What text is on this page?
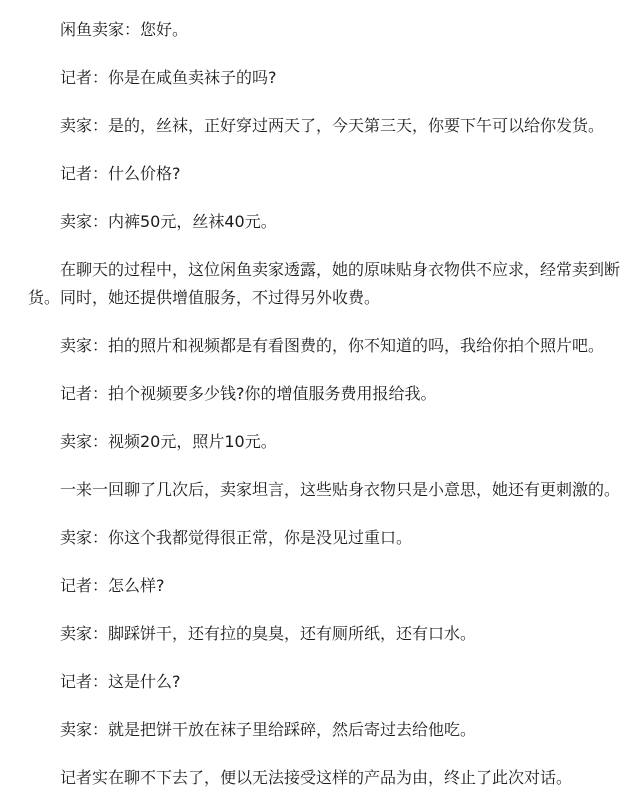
闲鱼卖家：您好。

记者：你是在咸鱼卖袜子的吗?

卖家：是的，丝袜，正好穿过两天了，今天第三天，你要下午可以给你发货。

记者：什么价格?

卖家：内裤50元，丝袜40元。

在聊天的过程中，这位闲鱼卖家透露，她的原味贴身衣物供不应求，经常卖到断货。同时，她还提供增值服务，不过得另外收费。

卖家：拍的照片和视频都是有看图费的，你不知道的吗，我给你拍个照片吧。

记者：拍个视频要多少钱?你的增值服务费用报给我。

卖家：视频20元，照片10元。

一来一回聊了几次后，卖家坦言，这些贴身衣物只是小意思，她还有更刺激的。

卖家：你这个我都觉得很正常，你是没见过重口。

记者：怎么样?

卖家：脚踩饼干，还有拉的臭臭，还有厕所纸，还有口水。

记者：这是什么?

卖家：就是把饼干放在袜子里给踩碎，然后寄过去给他吃。

记者实在聊不下去了，便以无法接受这样的产品为由，终止了此次对话。
